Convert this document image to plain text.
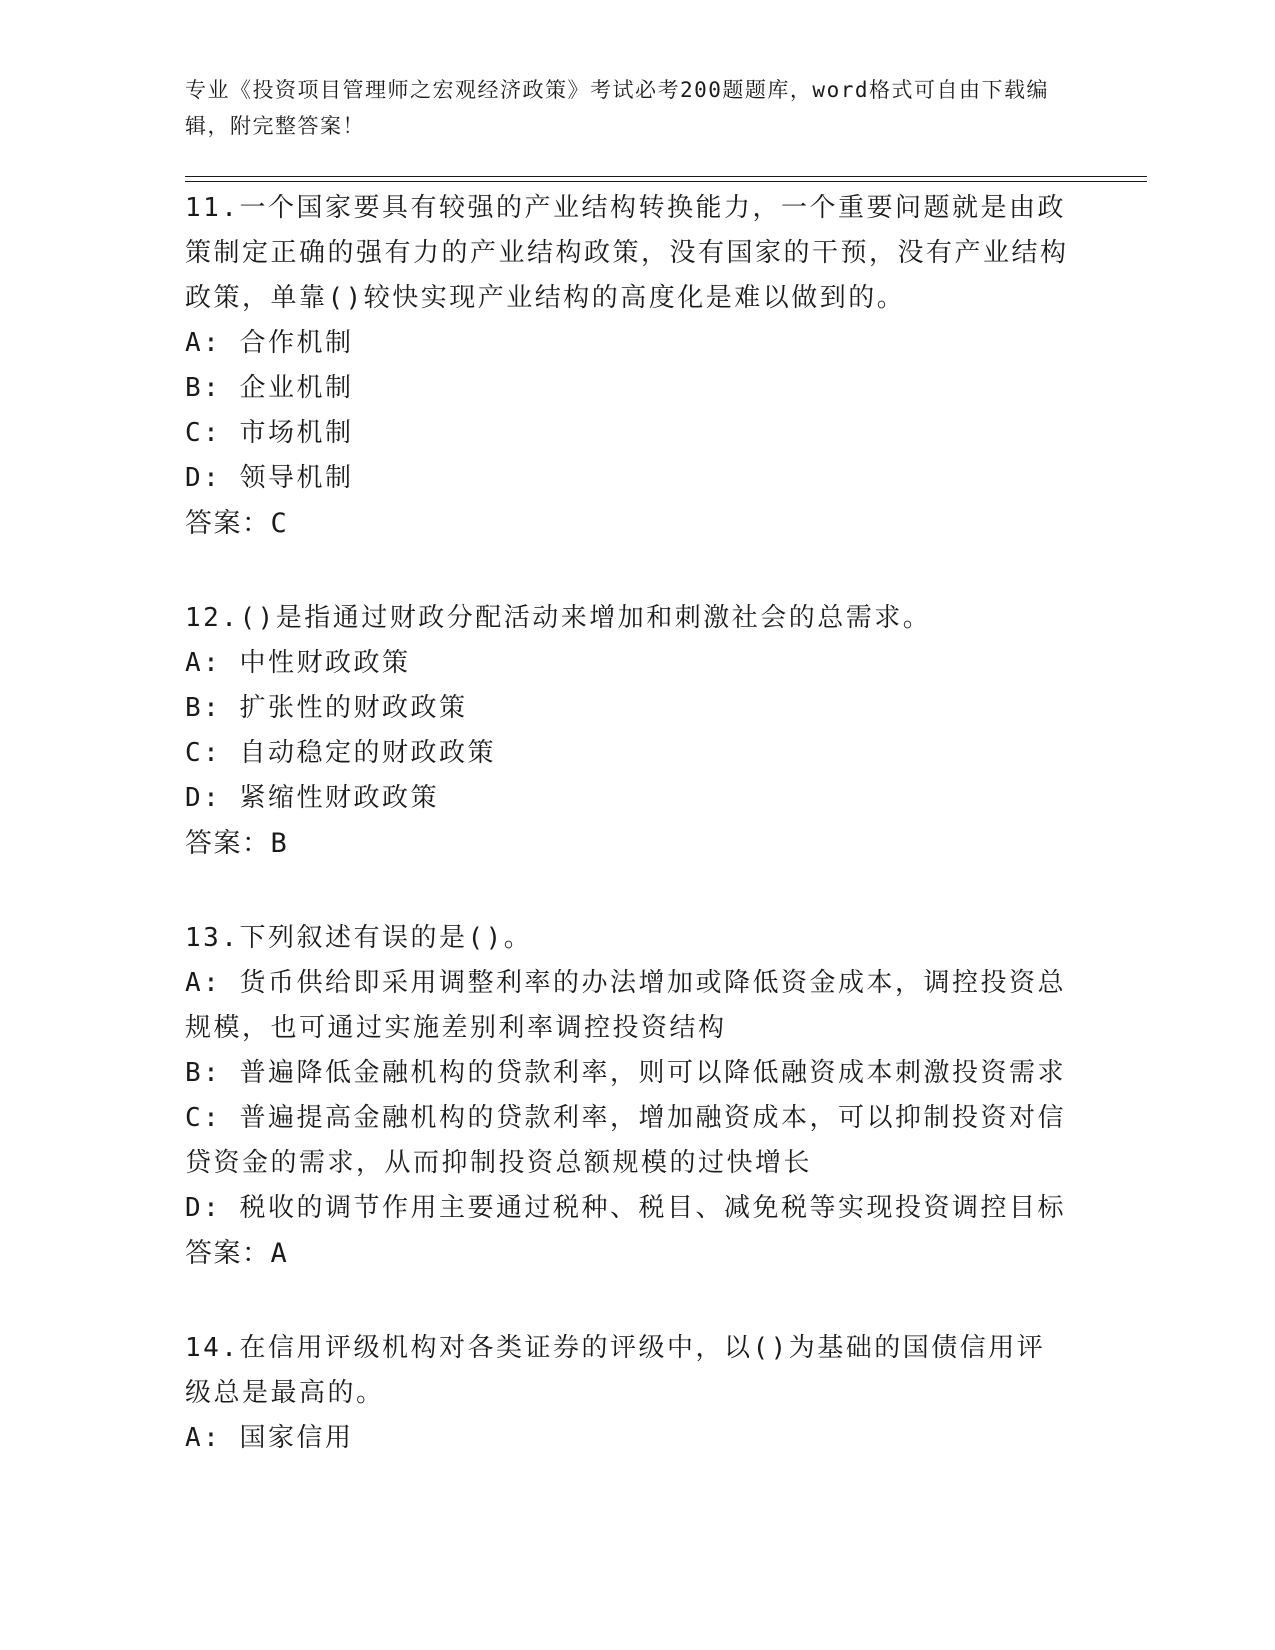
专业《投资项目管理师之宏观经济政策》考试必考200题题库，word格式可自由下载编辑，附完整答案！

11.一个国家要具有较强的产业结构转换能力，一个重要问题就是由政策制定正确的强有力的产业结构政策，没有国家的干预，没有产业结构政策，单靠()较快实现产业结构的高度化是难以做到的。

A: 合作机制

B: 企业机制

C: 市场机制

D: 领导机制

答案：C

12.()是指通过财政分配活动来增加和刺激社会的总需求。

A: 中性财政政策

B: 扩张性的财政政策

C: 自动稳定的财政政策

D: 紧缩性财政政策

答案：B

13.下列叙述有误的是()。

A: 货币供给即采用调整利率的办法增加或降低资金成本，调控投资总规模，也可通过实施差别利率调控投资结构

B: 普遍降低金融机构的贷款利率，则可以降低融资成本刺激投资需求

C: 普遍提高金融机构的贷款利率，增加融资成本，可以抑制投资对信贷资金的需求，从而抑制投资总额规模的过快增长

D: 税收的调节作用主要通过税种、税目、减免税等实现投资调控目标

答案：A

14.在信用评级机构对各类证券的评级中，以()为基础的国债信用评级总是最高的。

A: 国家信用
